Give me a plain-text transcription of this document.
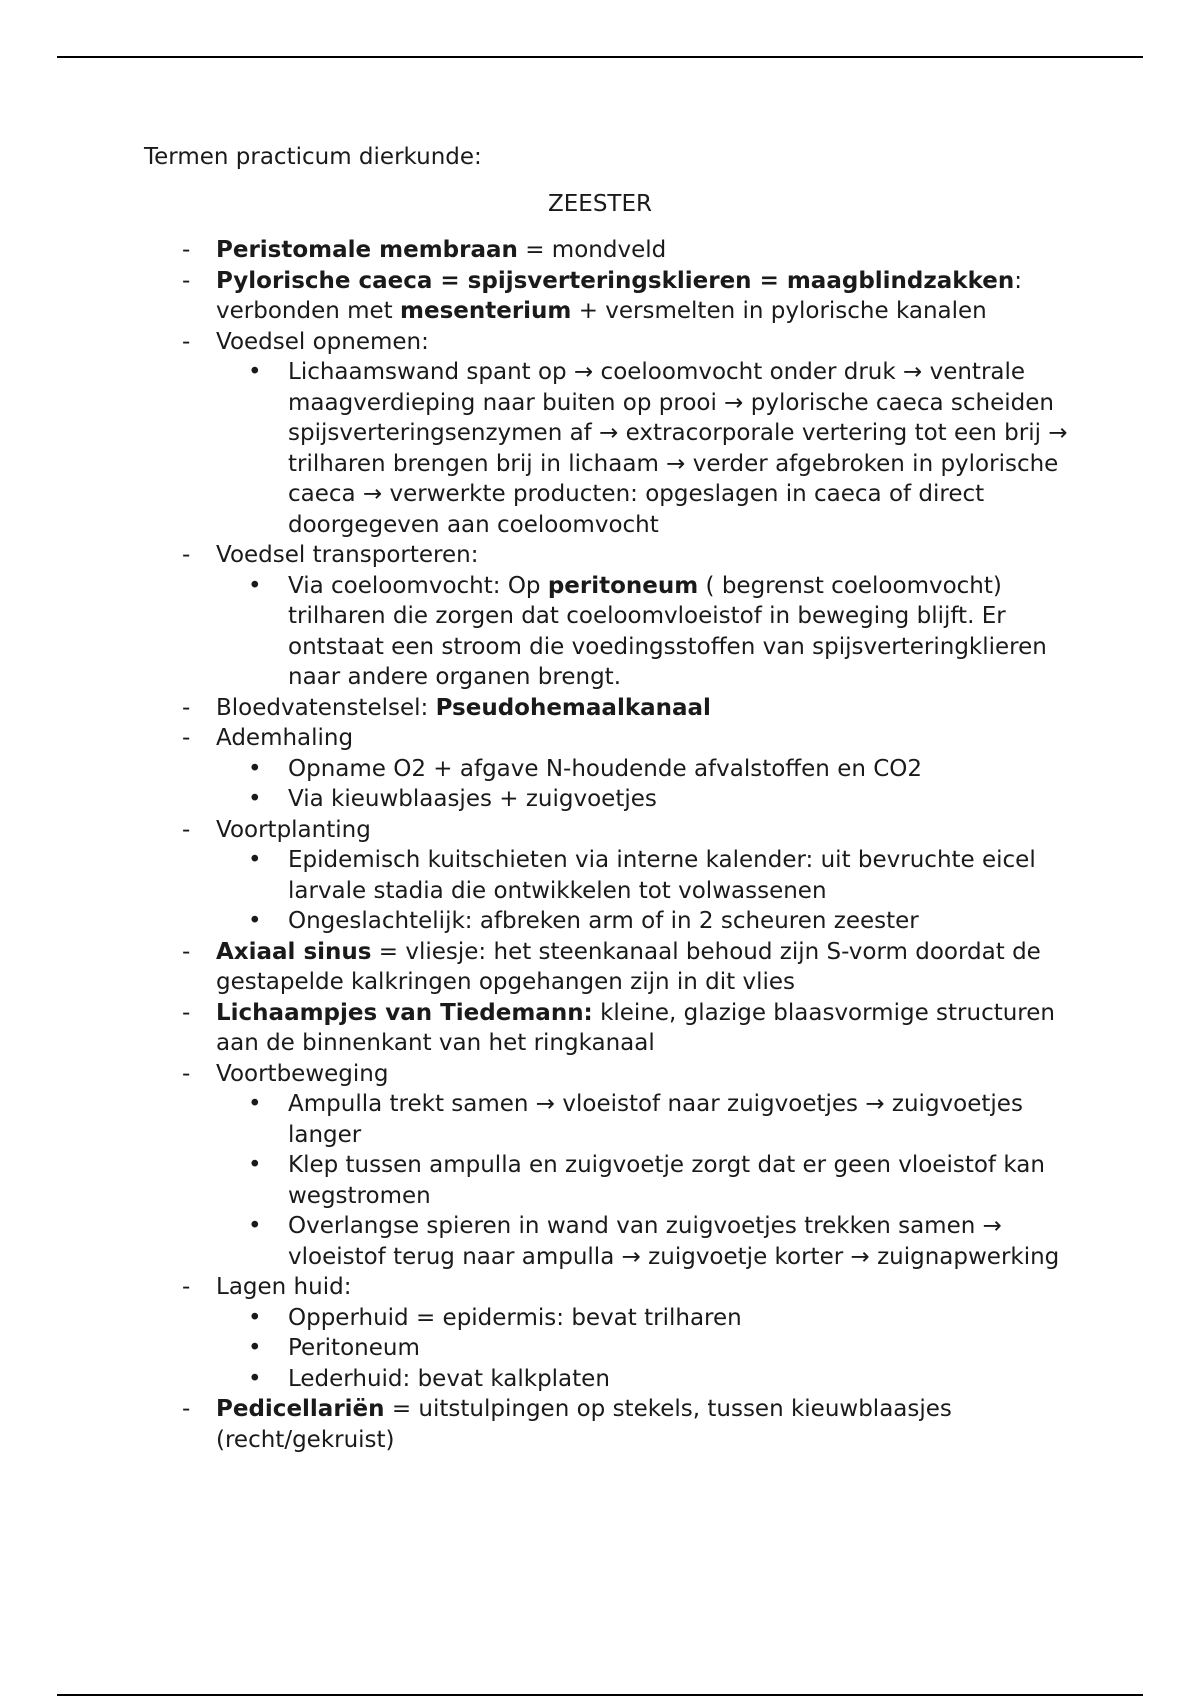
Termen practicum dierkunde:

ZEESTER

- Peristomale membraan = mondveld
- Pylorische caeca = spijsverteringsklieren = maagblindzakken: verbonden met mesenterium + versmelten in pylorische kanalen
- Voedsel opnemen:
• Lichaamswand spant op → coeloomvocht onder druk → ventrale maagverdieping naar buiten op prooi → pylorische caeca scheiden spijsverteringsenzymen af → extracorporale vertering tot een brij → trilharen brengen brij in lichaam → verder afgebroken in pylorische caeca → verwerkte producten: opgeslagen in caeca of direct doorgegeven aan coeloomvocht
- Voedsel transporteren:
• Via coeloomvocht: Op peritoneum ( begrenst coeloomvocht) trilharen die zorgen dat coeloomvloeistof in beweging blijft. Er ontstaat een stroom die voedingsstoffen van spijsverteringklieren naar andere organen brengt.
- Bloedvatenstelsel: Pseudohemaalkanaal
- Ademhaling
• Opname O2 + afgave N-houdende afvalstoffen en CO2
• Via kieuwblaasjes + zuigvoetjes
- Voortplanting
• Epidemisch kuitschieten via interne kalender: uit bevruchte eicel larvale stadia die ontwikkelen tot volwassenen
• Ongeslachtelijk: afbreken arm of in 2 scheuren zeester
- Axiaal sinus = vliesje: het steenkanaal behoud zijn S-vorm doordat de gestapelde kalkringen opgehangen zijn in dit vlies
- Lichaampjes van Tiedemann: kleine, glazige blaasvormige structuren aan de binnenkant van het ringkanaal
- Voortbeweging
• Ampulla trekt samen → vloeistof naar zuigvoetjes → zuigvoetjes langer
• Klep tussen ampulla en zuigvoetje zorgt dat er geen vloeistof kan wegstromen
• Overlangse spieren in wand van zuigvoetjes trekken samen → vloeistof terug naar ampulla → zuigvoetje korter → zuignapwerking
- Lagen huid:
• Opperhuid = epidermis: bevat trilharen
• Peritoneum
• Lederhuid: bevat kalkplaten
- Pedicellariën = uitstulpingen op stekels, tussen kieuwblaasjes (recht/gekruist)
